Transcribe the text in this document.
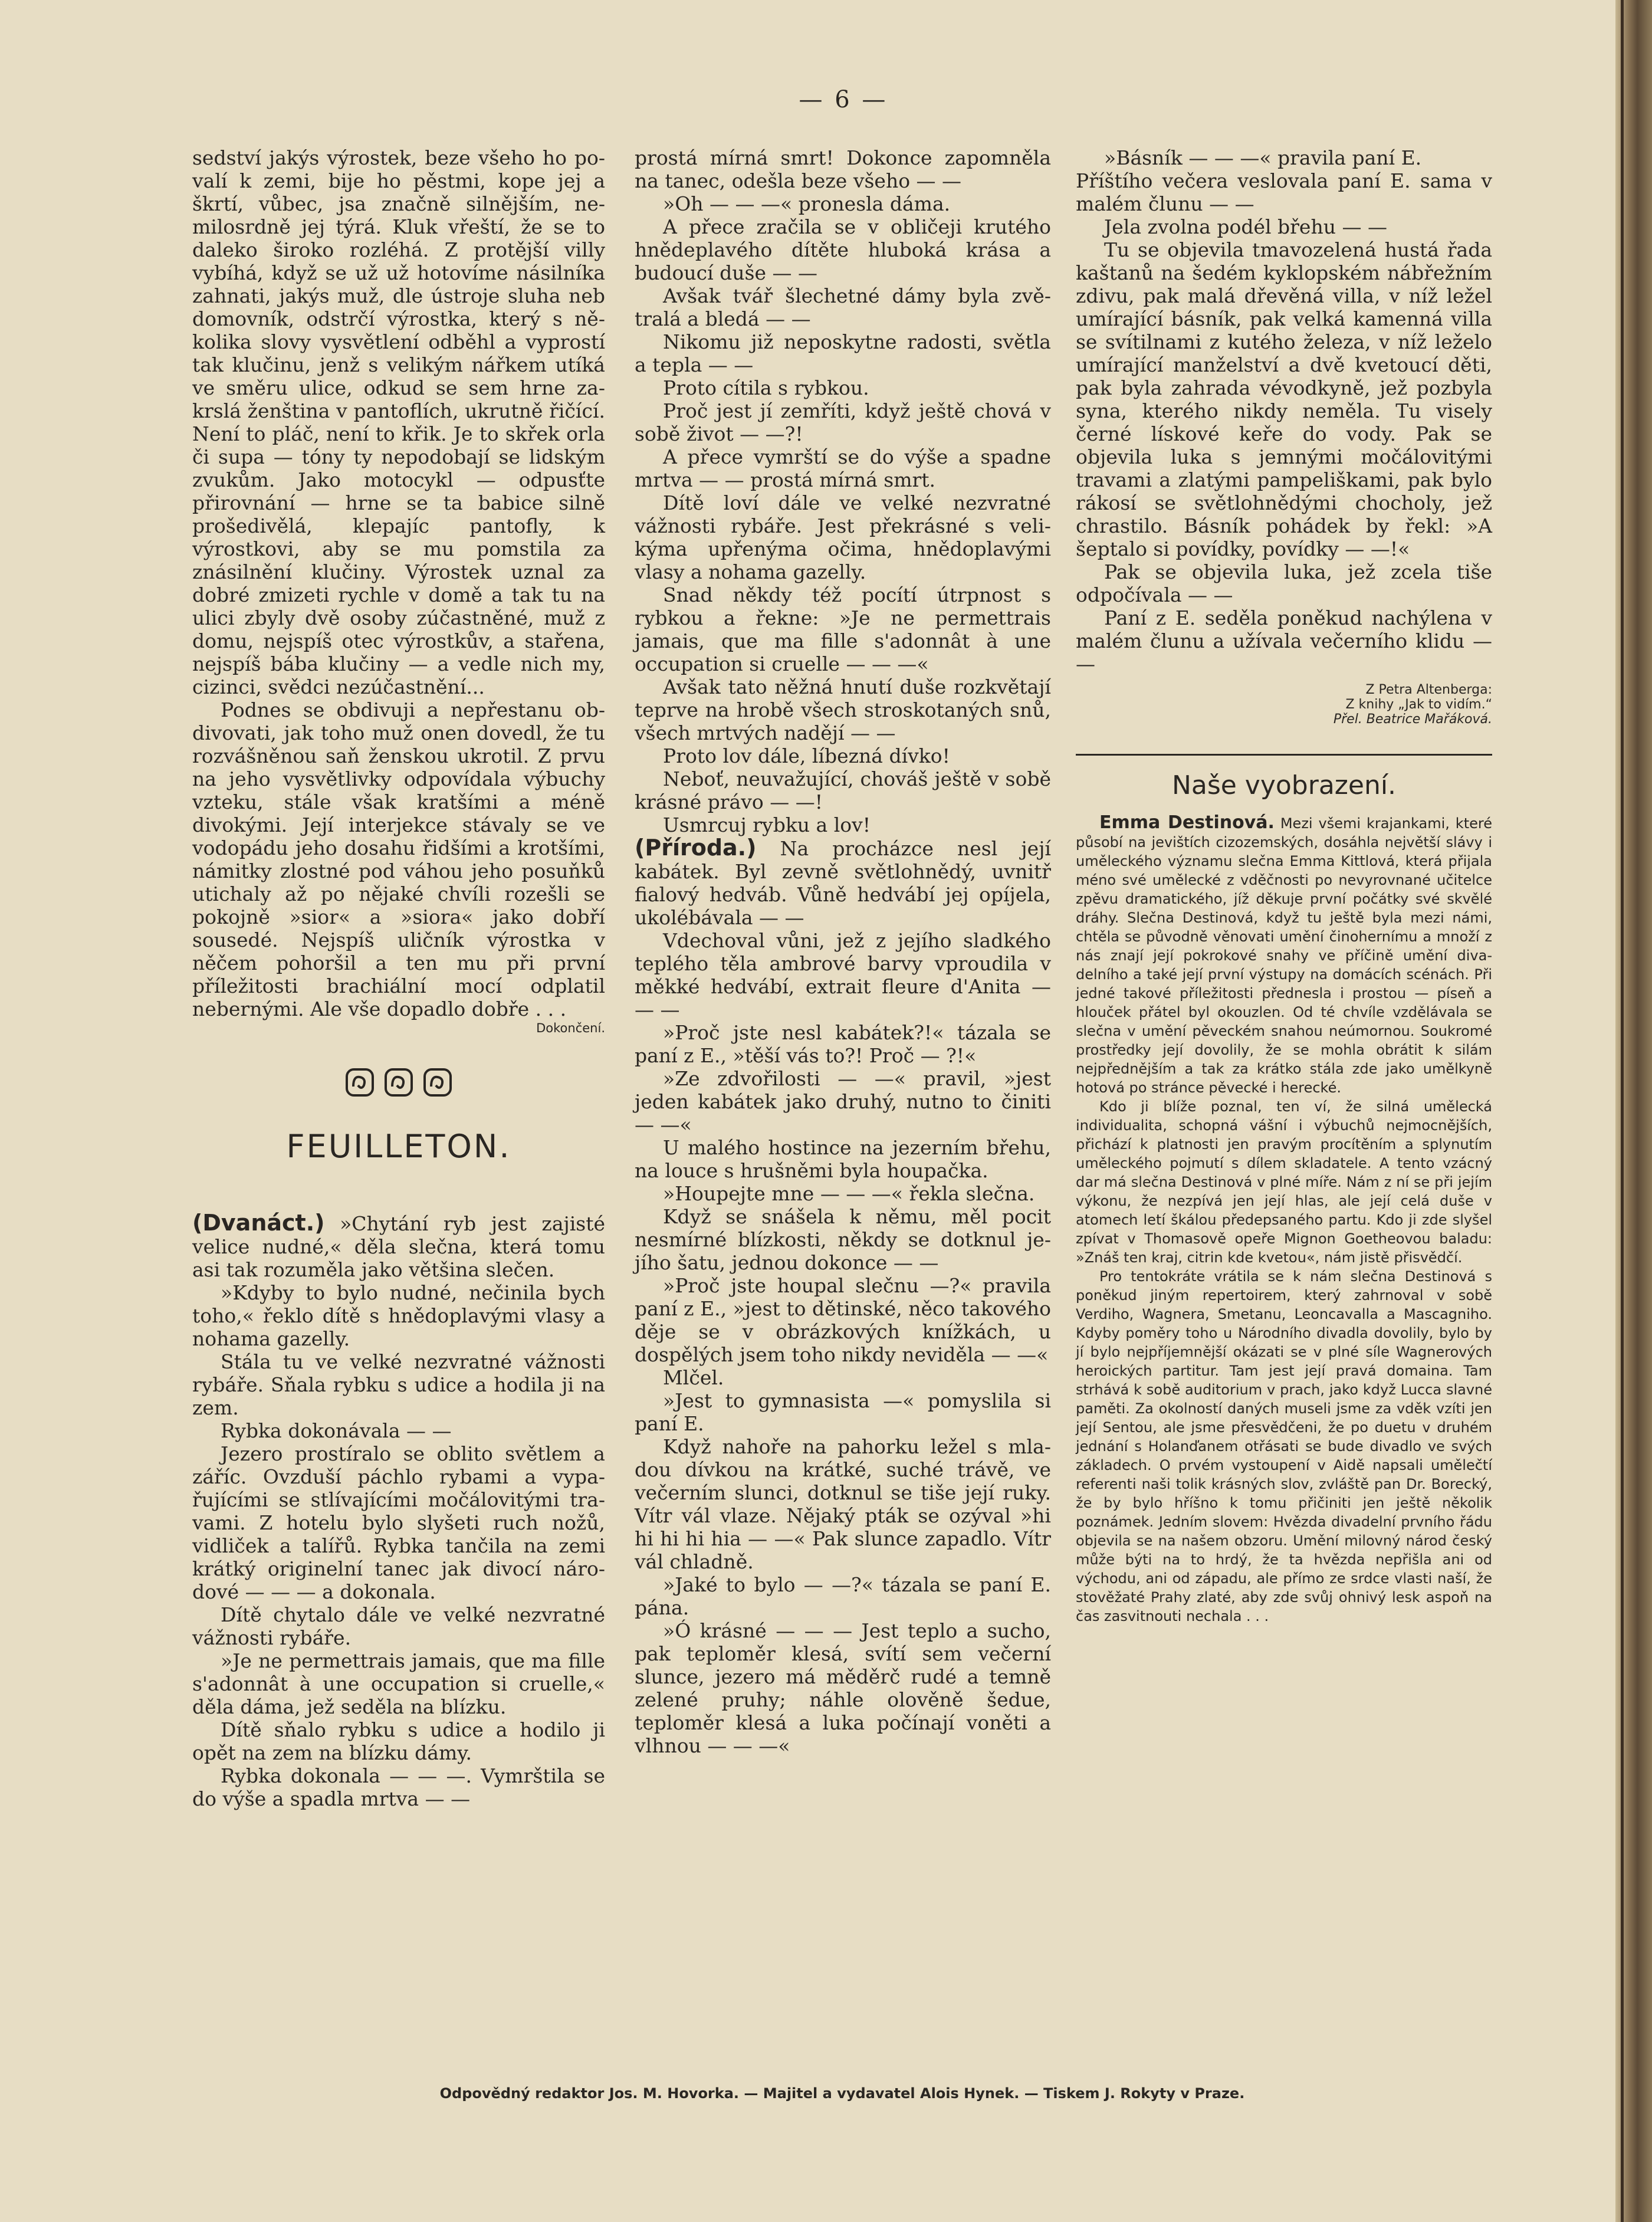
— 6 —

sedství jakýs výrostek, beze všeho ho povalí k zemi, bije ho pěstmi, kope jej a škrtí, vůbec, jsa značně silnějším, nemilosrdně jej týrá. Kluk vřeští, že se to daleko široko rozléhá. Z protější villy vybíhá, když se už už hotovíme násilníka zahnati, jakýs muž, dle ústroje sluha neb domovník, odstrčí výrostka, který s několika slovy vysvětlení odběhl a vyprostí tak klučinu, jenž s velikým nářkem utíká ve směru ulice, odkud se sem hrne zakrslá ženština v pantoflích, ukrutně řičící. Není to pláč, není to křik. Je to skřek orla či supa — tóny ty nepodobají se lidským zvukům. Jako motocykl — odpusťte přirovnání — hrne se ta babice silně prošedivělá, klepajíc pantofly, k výrostkovi, aby se mu pomstila za znásilnění klučiny. Výrostek uznal za dobré zmizeti rychle v domě a tak tu na ulici zbyly dvě osoby zúčastněné, muž z domu, nejspíš otec výrostkův, a stařena, nejspíš bába klučiny — a vedle nich my, cizinci, svědci nezúčastnění...

Podnes se obdivuji a nepřestanu obdivovati, jak toho muž onen dovedl, že tu rozvášněnou saň ženskou ukrotil. Z prvu na jeho vysvětlivky odpovídala výbuchy vzteku, stále však kratšími a méně divokými. Její interjekce stávaly se ve vodopádu jeho dosahu řidšími a krotšími, námitky zlostné pod váhou jeho posuňků utichaly až po nějaké chvíli rozešli se pokojně »sior« a »siora« jako dobří sousedé. Nejspíš uličník výrostka v něčem pohoršil a ten mu při první příležitosti brachiální mocí odplatil nebernými. Ale vše dopadlo dobře . . .

Dokončení.

FEUILLETON.

(Dvanáct.) »Chytání ryb jest zajisté velice nudné,« děla slečna, která tomu asi tak rozuměla jako většina slečen.

»Kdyby to bylo nudné, nečinila bych toho,« řeklo dítě s hnědoplavými vlasy a nohama gazelly.

Stála tu ve velké nezvratné vážnosti rybáře. Sňala rybku s udice a hodila ji na zem.

Rybka dokonávala — —

Jezero prostíralo se oblito světlem a záříc. Ovzduší páchlo rybami a vypařujícími se stlívajícími močálovitými travami. Z hotelu bylo slyšeti ruch nožů, vidliček a talířů. Rybka tančila na zemi krátký originelní tanec jak divocí národové — — — a dokonala.

Dítě chytalo dále ve velké nezvratné vážnosti rybáře.

»Je ne permettrais jamais, que ma fille s'adonnât à une occupation si cruelle,« děla dáma, jež seděla na blízku.

Dítě sňalo rybku s udice a hodilo ji opět na zem na blízku dámy.

Rybka dokonala — — —. Vymrštila se do výše a spadla mrtva — —

prostá mírná smrt! Dokonce zapomněla na tanec, odešla beze všeho — —

»Oh — — —« pronesla dáma.

A přece zračila se v obličeji krutého hnědeplavého dítěte hluboká krása a budoucí duše — —

Avšak tvář šlechetné dámy byla zvětralá a bledá — —

Nikomu již neposkytne radosti, světla a tepla — —

Proto cítila s rybkou.

Proč jest jí zemříti, když ještě chová v sobě život — —?!

A přece vymrští se do výše a spadne mrtva — — prostá mírná smrt.

Dítě loví dále ve velké nezvratné vážnosti rybáře. Jest překrásné s velikýma upřenýma očima, hnědoplavými vlasy a nohama gazelly.

Snad někdy též pocítí útrpnost s rybkou a řekne: »Je ne permettrais jamais, que ma fille s'adonnât à une occupation si cruelle — — —«

Avšak tato něžná hnutí duše rozkvětají teprve na hrobě všech stroskotaných snů, všech mrtvých nadějí — —

Proto lov dále, líbezná dívko!

Neboť, neuvažující, chováš ještě v sobě krásné právo — —!

Usmrcuj rybku a lov!

(Příroda.) Na procházce nesl její kabátek. Byl zevně světlohnědý, uvnitř fialový hedváb. Vůně hedvábí jej opíjela, ukolébávala — —

Vdechoval vůni, jež z jejího sladkého teplého těla ambrové barvy vproudila v měkké hedvábí, extrait fleure d'Anita — — —

»Proč jste nesl kabátek?!« tázala se paní z E., »těší vás to?! Proč — ?!«

»Ze zdvořilosti — —« pravil, »jest jeden kabátek jako druhý, nutno to činiti — —«

U malého hostince na jezerním břehu, na louce s hrušněmi byla houpačka.

»Houpejte mne — — —« řekla slečna.

Když se snášela k němu, měl pocit nesmírné blízkosti, někdy se dotknul jejího šatu, jednou dokonce — —

»Proč jste houpal slečnu —?« pravila paní z E., »jest to dětinské, něco takového děje se v obrázkových knížkách, u dospělých jsem toho nikdy neviděla — —«

Mlčel.

»Jest to gymnasista —« pomyslila si paní E.

Když nahoře na pahorku ležel s mladou dívkou na krátké, suché trávě, ve večerním slunci, dotknul se tiše její ruky. Vítr vál vlaze. Nějaký pták se ozýval »hi hi hi hi hia — —« Pak slunce zapadlo. Vítr vál chladně.

»Jaké to bylo — —?« tázala se paní E. pána.

»Ó krásné — — — Jest teplo a sucho, pak teploměr klesá, svítí sem večerní slunce, jezero má měděrč rudé a temně zelené pruhy; náhle olověně šedue, teploměr klesá a luka počínají voněti a vlhnou — — —«

»Básník — — —« pravila paní E.

Příštího večera veslovala paní E. sama v malém člunu — —

Jela zvolna podél břehu — —

Tu se objevila tmavozelená hustá řada kaštanů na šedém kyklopském nábřežním zdivu, pak malá dřevěná villa, v níž ležel umírající básník, pak velká kamenná villa se svítilnami z kutého železa, v níž leželo umírající manželství a dvě kvetoucí děti, pak byla zahrada vévodkyně, jež pozbyla syna, kterého nikdy neměla. Tu visely černé lískové keře do vody. Pak se objevila luka s jemnými močálovitými travami a zlatými pampeliškami, pak bylo rákosí se světlohnědými chocholy, jež chrastilo. Básník pohádek by řekl: »A šeptalo si povídky, povídky — —!«

Pak se objevila luka, jež zcela tiše odpočívala — —

Paní z E. seděla poněkud nachýlena v malém člunu a užívala večerního klidu — —

Z Petra Altenberga:
Z knihy „Jak to vidím.“
Přel. Beatrice Mařáková.
Naše vyobrazení.

Emma Destinová. Mezi všemi krajankami, které působí na jevištích cizozemských, dosáhla největší slávy i uměleckého významu slečna Emma Kittlová, která přijala méno své umělecké z vděčnosti po nevyrovnané učitelce zpěvu dramatického, jíž děkuje první počátky své skvělé dráhy. Slečna Destinová, když tu ještě byla mezi námi, chtěla se původně věnovati umění činohernímu a množí z nás znají její pokrokové snahy ve příčině umění divadelního a také její první výstupy na domácích scénách. Při jedné takové příležitosti přednesla i prostou — píseň a hlouček přátel byl okouzlen. Od té chvíle vzdělávala se slečna v umění pěveckém snahou neúmornou. Soukromé prostředky její dovolily, že se mohla obrátit k silám nejpřednějším a tak za krátko stála zde jako umělkyně hotová po stránce pěvecké i herecké.

Kdo ji blíže poznal, ten ví, že silná umělecká individualita, schopná vášní i výbuchů nejmocnějších, přichází k platnosti jen pravým procítěním a splynutím uměleckého pojmutí s dílem skladatele. A tento vzácný dar má slečna Destinová v plné míře. Nám z ní se při jejím výkonu, že nezpívá jen její hlas, ale její celá duše v atomech letí škálou předepsaného partu. Kdo ji zde slyšel zpívat v Thomasově opeře Mignon Goetheovou baladu: »Znáš ten kraj, citrin kde kvetou«, nám jistě přisvědčí.

Pro tentokráte vrátila se k nám slečna Destinová s poněkud jiným repertoirem, který zahrnoval v sobě Verdiho, Wagnera, Smetanu, Leoncavalla a Mascagniho. Kdyby poměry toho u Národního divadla dovolily, bylo by jí bylo nejpříjemnější okázati se v plné síle Wagnerových heroických partitur. Tam jest její pravá domaina. Tam strhává k sobě auditorium v prach, jako když Lucca slavné paměti. Za okolností daných museli jsme za vděk vzíti jen její Sentou, ale jsme přesvědčeni, že po duetu v druhém jednání s Holanďanem otřásati se bude divadlo ve svých základech. O prvém vystoupení v Aidě napsali umělečtí referenti naši tolik krásných slov, zvláště pan Dr. Borecký, že by bylo hříšno k tomu přičiniti jen ještě několik poznámek. Jedním slovem: Hvězda divadelní prvního řádu objevila se na našem obzoru. Umění milovný národ český může býti na to hrdý, že ta hvězda nepřišla ani od východu, ani od západu, ale přímo ze srdce vlasti naší, že stověžaté Prahy zlaté, aby zde svůj ohnivý lesk aspoň na čas zasvitnouti nechala . . .

Odpovědný redaktor Jos. M. Hovorka. — Majitel a vydavatel Alois Hynek. — Tiskem J. Rokyty v Praze.
